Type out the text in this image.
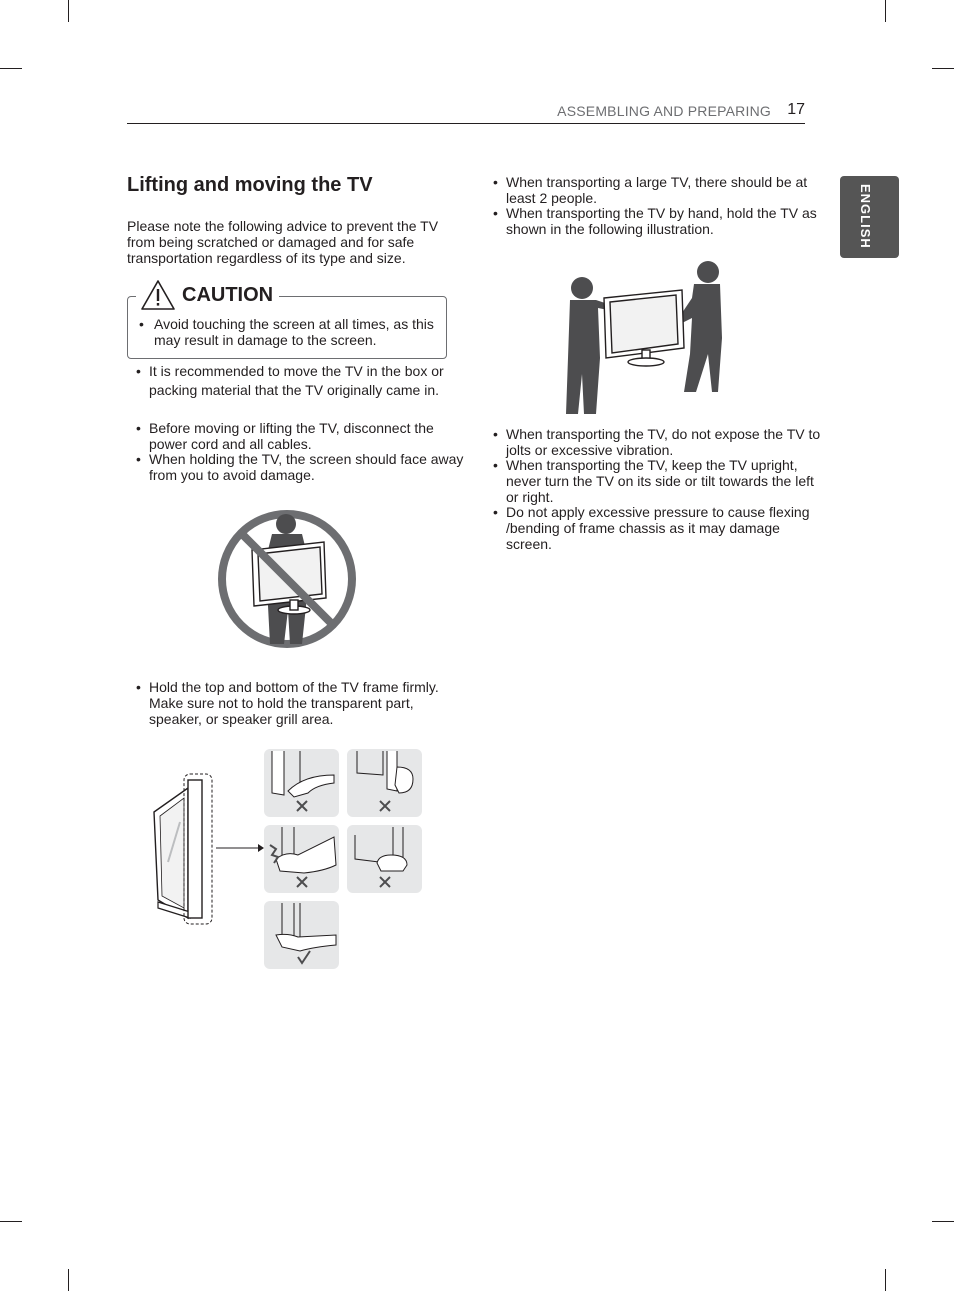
ASSEMBLING AND PREPARING 17
ENGLISH
Lifting and moving the TV
Please note the following advice to prevent the TV from being scratched or damaged and for safe transportation regardless of its type and size.
CAUTION
• Avoid touching the screen at all times, as this may result in damage to the screen.
• It is recommended to move the TV in the box or packing material that the TV originally came in.
• Before moving or lifting the TV, disconnect the power cord and all cables.
• When holding the TV, the screen should face away from you to avoid damage.
• Hold the top and bottom of the TV frame firmly. Make sure not to hold the transparent part, speaker, or speaker grill area.
• When transporting a large TV, there should be at least 2 people.
• When transporting the TV by hand, hold the TV as shown in the following illustration.
• When transporting the TV, do not expose the TV to jolts or excessive vibration.
• When transporting the TV, keep the TV upright, never turn the TV on its side or tilt towards the left or right.
• Do not apply excessive pressure to cause flexing /bending of frame chassis as it may damage screen.
